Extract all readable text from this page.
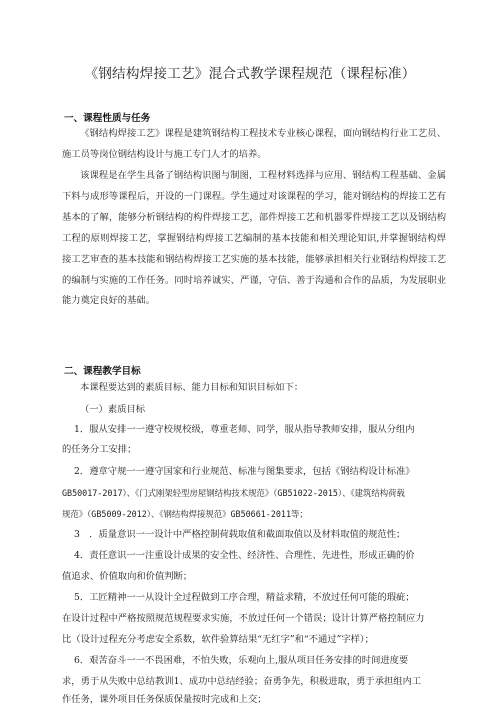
《钢结构焊接工艺》混合式教学课程规范（课程标准）
一、课程性质与任务

《钢结构焊接工艺》课程是建筑钢结构工程技术专业核心课程，面向钢结构行业工艺员、施工员等岗位钢结构设计与施工专门人才的培养。

该课程是在学生具备了钢结构识图与制图，工程材料选择与应用、钢结构工程基础、金属下料与成形等课程后，开设的一门课程。学生通过对该课程的学习，能对钢结构的焊接工艺有基本的了解，能够分析钢结构的构件焊接工艺，部件焊接工艺和机器零件焊接工艺以及钢结构工程的原则焊接工艺，掌握钢结构焊接工艺编制的基本技能和相关理论知识,并掌握钢结构焊接工艺审查的基本技能和钢结构焊接工艺实施的基本技能，能够承担相关行业钢结构焊接工艺的编制与实施的工作任务。同时培养诚实、严谨，守信、善于沟通和合作的品质，为发展职业能力奠定良好的基础。

二、课程教学目标
本课程要达到的素质目标、能力目标和知识目标如下：
（一）素质目标
1．服从安排一一遵守校规校级，尊重老师、同学，服从指导教师安排，服从分组内
的任务分工安排；
2．遵章守规一一遵守国家和行业规范、标准与图集要求，包括《钢结构设计标准》
GB50017-2017）、《门式刚架轻型房屋钢结构技术规范》（GB51022-2015）、《建筑结构荷载
规范》（GB5009-2012）、《钢结构焊接规范》GB50661-2011等；
3　．质量意识一一设计中严格控制荷载取值和截面取值以及材料取值的规范性；
4．责任意识一一注重设计成果的安全性、经济性、合理性、先进性，形成正确的价
值追求、价值取向和价值判断；
5．工匠精神一一从设计全过程做到工序合理，精益求精，不放过任何可能的瑕疵；
在设计过程中严格按照规范规程要求实施，不放过任何一个错误；设计计算严格控制应力
比（设计过程充分考虑安全系数，软件验算结果“无红字”和“不通过”字样）；
6．艰苦奋斗一一不畏困难，不怕失败，乐观向上,服从项目任务安排的时间进度要
求，勇于从失败中总结教训1、成功中总结经验；奋勇争先，积极进取，勇于承担组内工
作任务，课外项目任务保质保量按时完成和上交；
